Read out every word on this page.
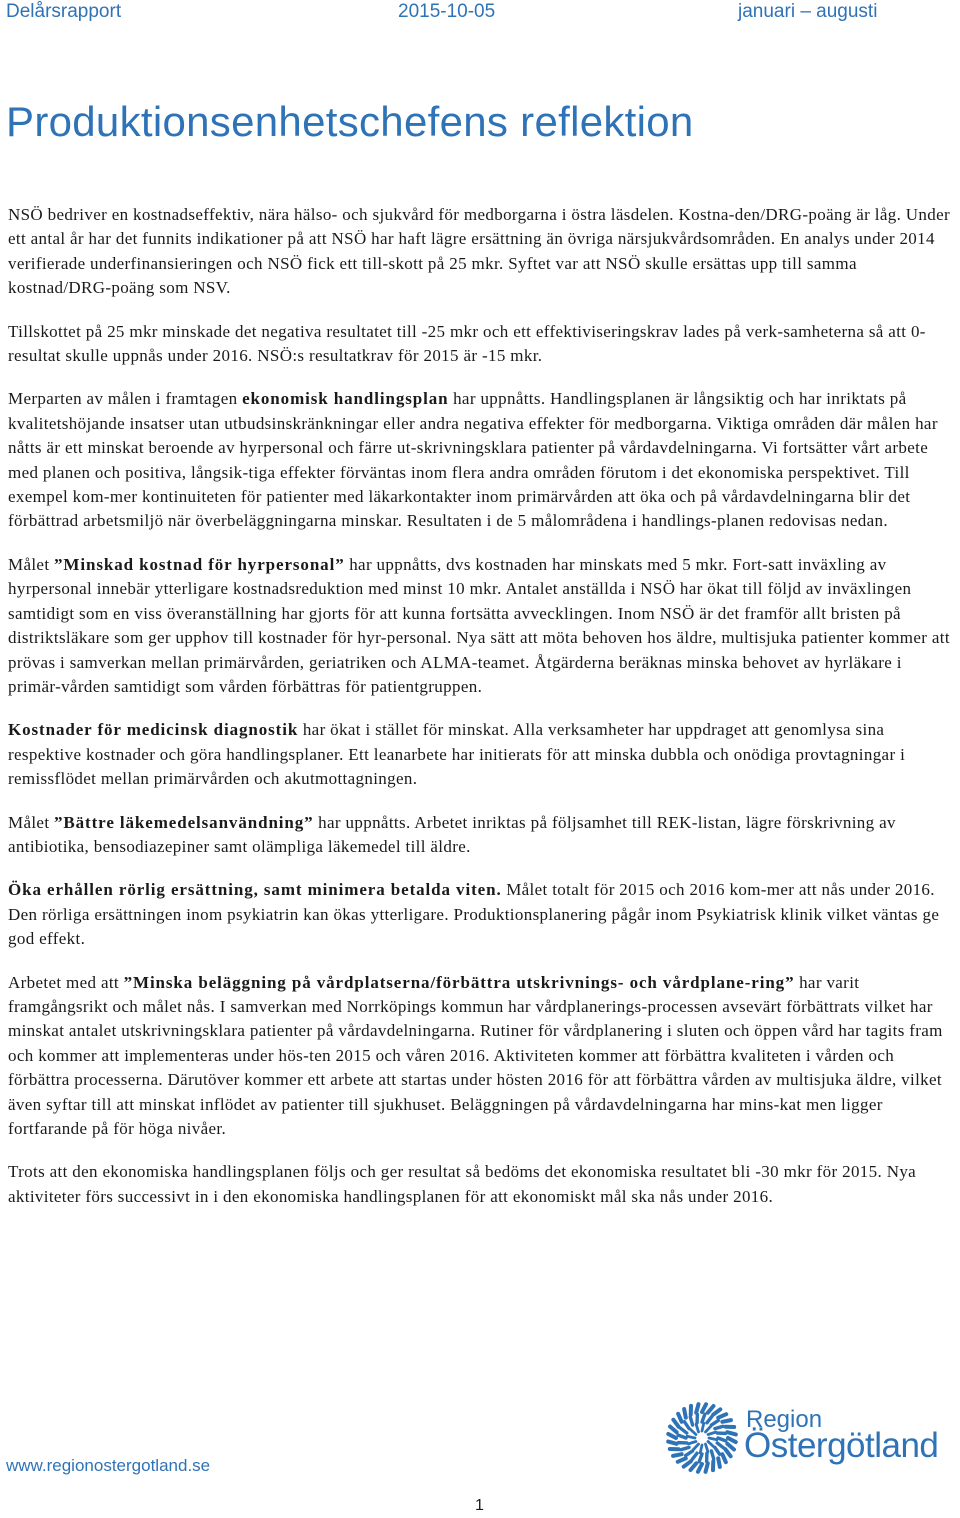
Delårsrapport	2015-10-05	januari – augusti
Produktionsenhetschefens reflektion

NSÖ bedriver en kostnadseffektiv, nära hälso- och sjukvård för medborgarna i östra läsdelen. Kostna-den/DRG-poäng är låg. Under ett antal år har det funnits indikationer på att NSÖ har haft lägre ersättning än övriga närsjukvårdsområden. En analys under 2014 verifierade underfinansieringen och NSÖ fick ett till-skott på 25 mkr. Syftet var att NSÖ skulle ersättas upp till samma kostnad/DRG-poäng som NSV.

Tillskottet på 25 mkr minskade det negativa resultatet till -25 mkr och ett effektiviseringskrav lades på verk-samheterna så att 0-resultat skulle uppnås under 2016. NSÖ:s resultatkrav för 2015 är -15 mkr.

Merparten av målen i framtagen ekonomisk handlingsplan har uppnåtts. Handlingsplanen är långsiktig och har inriktats på kvalitetshöjande insatser utan utbudsinskränkningar eller andra negativa effekter för medborgarna. Viktiga områden där målen har nåtts är ett minskat beroende av hyrpersonal och färre ut-skrivningsklara patienter på vårdavdelningarna. Vi fortsätter vårt arbete med planen och positiva, långsik-tiga effekter förväntas inom flera andra områden förutom i det ekonomiska perspektivet. Till exempel kom-mer kontinuiteten för patienter med läkarkontakter inom primärvården att öka och på vårdavdelningarna blir det förbättrad arbetsmiljö när överbeläggningarna minskar. Resultaten i de 5 målområdena i handlings-planen redovisas nedan.

Målet ”Minskad kostnad för hyrpersonal” har uppnåtts, dvs kostnaden har minskats med 5 mkr. Fort-satt inväxling av hyrpersonal innebär ytterligare kostnadsreduktion med minst 10 mkr. Antalet anställda i NSÖ har ökat till följd av inväxlingen samtidigt som en viss överanställning har gjorts för att kunna fortsätta avvecklingen. Inom NSÖ är det framför allt bristen på distriktsläkare som ger upphov till kostnader för hyr-personal. Nya sätt att möta behoven hos äldre, multisjuka patienter kommer att prövas i samverkan mellan primärvården, geriatriken och ALMA-teamet. Åtgärderna beräknas minska behovet av hyrläkare i primär-vården samtidigt som vården förbättras för patientgruppen.

Kostnader för medicinsk diagnostik har ökat i stället för minskat. Alla verksamheter har uppdraget att genomlysa sina respektive kostnader och göra handlingsplaner. Ett leanarbete har initierats för att minska dubbla och onödiga provtagningar i remissflödet mellan primärvården och akutmottagningen.

Målet ”Bättre läkemedelsanvändning” har uppnåtts. Arbetet inriktas på följsamhet till REK-listan, lägre förskrivning av antibiotika, bensodiazepiner samt olämpliga läkemedel till äldre.

Öka erhållen rörlig ersättning, samt minimera betalda viten. Målet totalt för 2015 och 2016 kom-mer att nås under 2016. Den rörliga ersättningen inom psykiatrin kan ökas ytterligare. Produktionsplanering pågår inom Psykiatrisk klinik vilket väntas ge god effekt.

Arbetet med att ”Minska beläggning på vårdplatserna/förbättra utskrivnings- och vårdplane-ring” har varit framgångsrikt och målet nås. I samverkan med Norrköpings kommun har vårdplanerings-processen avsevärt förbättrats vilket har minskat antalet utskrivningsklara patienter på vårdavdelningarna. Rutiner för vårdplanering i sluten och öppen vård har tagits fram och kommer att implementeras under hös-ten 2015 och våren 2016. Aktiviteten kommer att förbättra kvaliteten i vården och förbättra processerna. Därutöver kommer ett arbete att startas under hösten 2016 för att förbättra vården av multisjuka äldre, vilket även syftar till att minskat inflödet av patienter till sjukhuset. Beläggningen på vårdavdelningarna har mins-kat men ligger fortfarande på för höga nivåer.

Trots att den ekonomiska handlingsplanen följs och ger resultat så bedöms det ekonomiska resultatet bli -30 mkr för 2015. Nya aktiviteter förs successivt in i den ekonomiska handlingsplanen för att ekonomiskt mål ska nås under 2016.

Region
Östergötland
www.regionostergotland.se
1
